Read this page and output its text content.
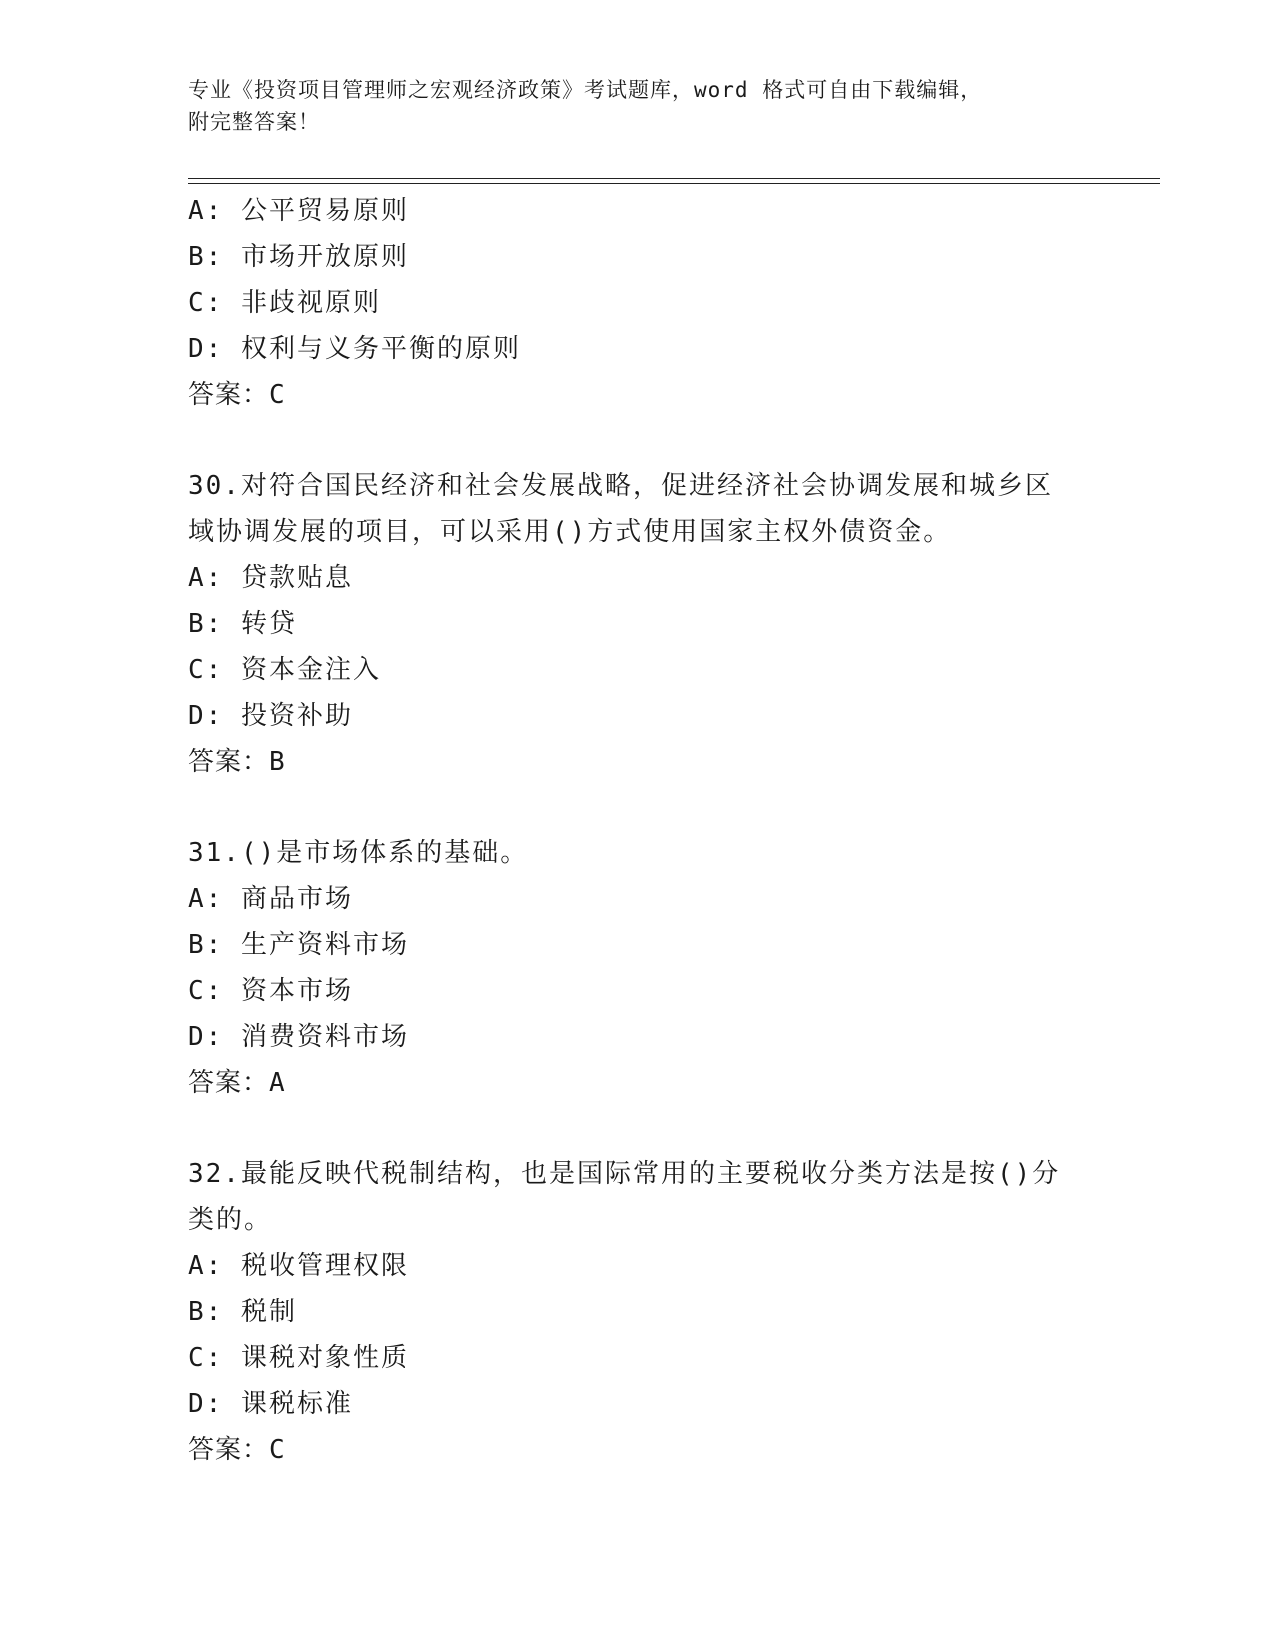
专业《投资项目管理师之宏观经济政策》考试题库，word 格式可自由下载编辑，
附完整答案！
A: 公平贸易原则
B: 市场开放原则
C: 非歧视原则
D: 权利与义务平衡的原则
答案：C
30.对符合国民经济和社会发展战略，促进经济社会协调发展和城乡区
域协调发展的项目，可以采用()方式使用国家主权外债资金。
A: 贷款贴息
B: 转贷
C: 资本金注入
D: 投资补助
答案：B
31.()是市场体系的基础。
A: 商品市场
B: 生产资料市场
C: 资本市场
D: 消费资料市场
答案：A
32.最能反映代税制结构，也是国际常用的主要税收分类方法是按()分
类的。
A: 税收管理权限
B: 税制
C: 课税对象性质
D: 课税标准
答案：C
